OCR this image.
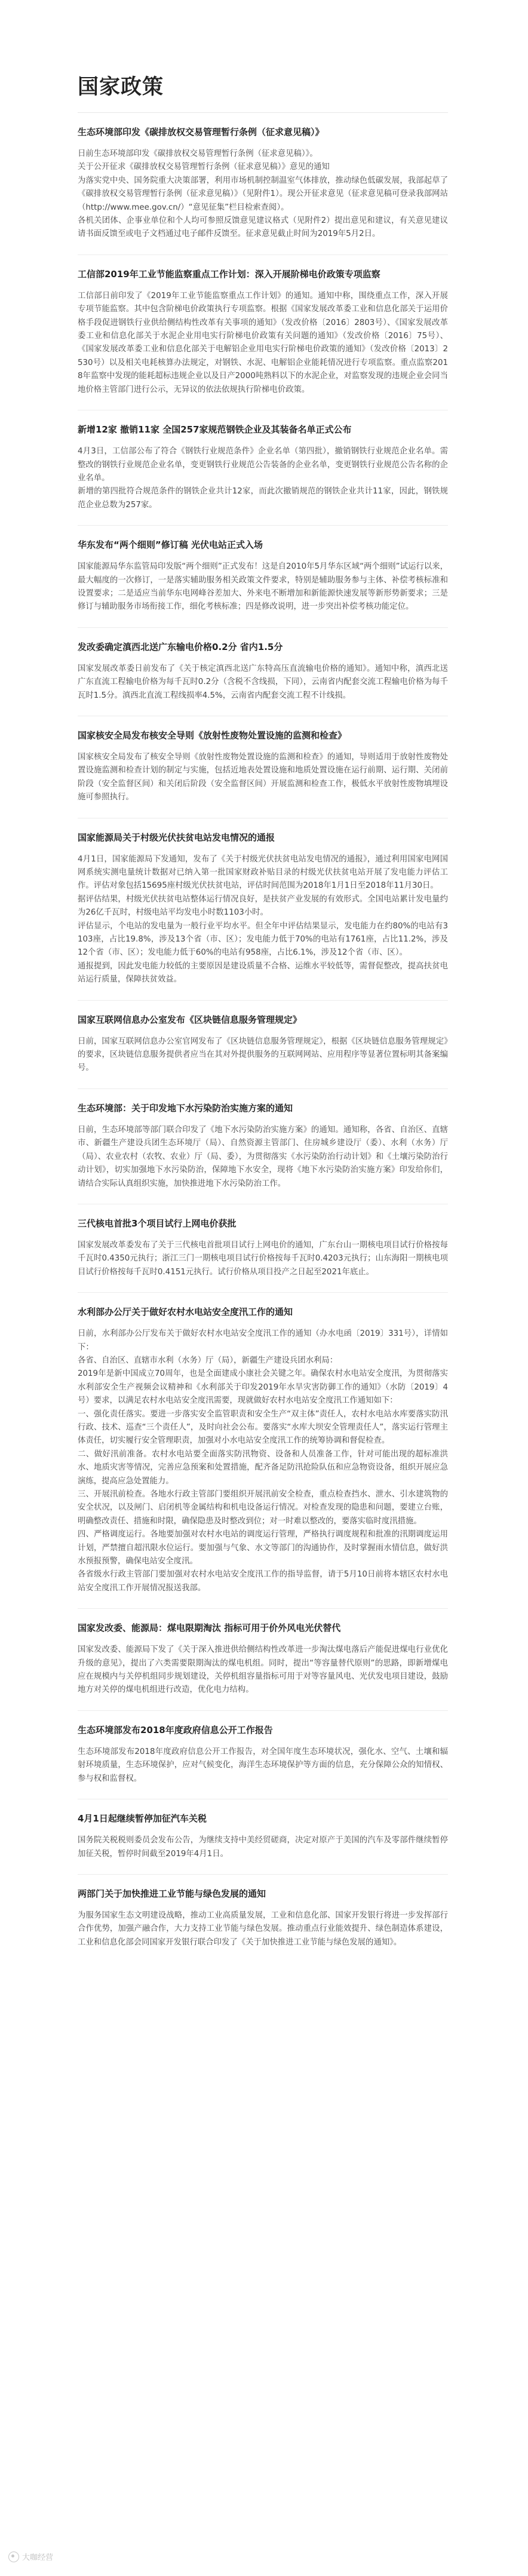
国家政策
生态环境部印发《碳排放权交易管理暂行条例（征求意见稿）》

日前生态环境部印发《碳排放权交易管理暂行条例（征求意见稿）》。

关于公开征求《碳排放权交易管理暂行条例（征求意见稿）》意见的通知

为落实党中央、国务院重大决策部署，利用市场机制控制温室气体排放，推动绿色低碳发展，我部起草了《碳排放权交易管理暂行条例（征求意见稿）》（见附件1）。现公开征求意见（征求意见稿可登录我部网站（http://www.mee.gov.cn/）“意见征集”栏目检索查阅）。

各机关团体、企事业单位和个人均可参照反馈意见建议格式（见附件2）提出意见和建议，有关意见建议请书面反馈至或电子文档通过电子邮件反馈至。征求意见截止时间为2019年5月2日。

工信部2019年工业节能监察重点工作计划：深入开展阶梯电价政策专项监察

工信部日前印发了《2019年工业节能监察重点工作计划》的通知。通知中称，围绕重点工作，深入开展专项节能监察。其中包含阶梯电价政策执行专项监察。根据《国家发展改革委工业和信息化部关于运用价格手段促进钢铁行业供给侧结构性改革有关事项的通知》（发改价格〔2016〕2803号）、《国家发展改革委工业和信息化部关于水泥企业用电实行阶梯电价政策有关问题的通知》（发改价格〔2016〕75号）、《国家发展改革委工业和信息化部关于电解铝企业用电实行阶梯电价政策的通知》（发改价格〔2013〕2530号）以及相关电耗核算办法规定，对钢铁、水泥、电解铝企业能耗情况进行专项监察。重点监察2018年监察中发现的能耗超标违规企业以及日产2000吨熟料以下的水泥企业，对监察发现的违规企业会同当地价格主管部门进行公示，无异议的依法依规执行阶梯电价政策。

新增12家 撤销11家 全国257家规范钢铁企业及其装备名单正式公布

4月3日，工信部公布了符合《钢铁行业规范条件》企业名单（第四批），撤销钢铁行业规范企业名单。需整改的钢铁行业规范企业名单，变更钢铁行业规范公告装备的企业名单，变更钢铁行业规范公告名称的企业名单。

新增的第四批符合规范条件的钢铁企业共计12家，而此次撤销规范的钢铁企业共计11家，因此，钢铁规范企业总数为257家。

华东发布“两个细则”修订稿 光伏电站正式入场

国家能源局华东监管局印发版“两个细则”正式发布！这是自2010年5月华东区域“两个细则”试运行以来，最大幅度的一次修订，一是落实辅助服务相关政策文件要求，特别是辅助服务参与主体、补偿考核标准和设置要求；二是适应当前华东电网峰谷差加大、外来电不断增加和新能源快速发展等新形势新要求；三是修订与辅助服务市场衔接工作，细化考核标准；四是修改说明，进一步突出补偿考核功能定位。

发改委确定滇西北送广东输电价格0.2分 省内1.5分

国家发展改革委日前发布了《关于核定滇西北送广东特高压直流输电价格的通知》。通知中称，滇西北送广东直流工程输电价格为每千瓦时0.2分（含税不含线损，下同），云南省内配套交流工程输电价格为每千瓦时1.5分。滇西北直流工程线损率4.5%，云南省内配套交流工程不计线损。

国家核安全局发布核安全导则《放射性废物处置设施的监测和检查》

国家核安全局发布了核安全导则《放射性废物处置设施的监测和检查》的通知，导则适用于放射性废物处置设施监测和检查计划的制定与实施，包括近地表处置设施和地质处置设施在运行前期、运行期、关闭前阶段（安全监督区间）和关闭后阶段（安全监督区间）开展监测和检查工作，极低水平放射性废物填埋设施可参照执行。

国家能源局关于村级光伏扶贫电站发电情况的通报

4月1日，国家能源局下发通知，发布了《关于村级光伏扶贫电站发电情况的通报》，通过利用国家电网国网系统实测电量统计数据对已纳入第一批国家财政补贴目录的村级光伏扶贫电站开展了发电能力评估工作。评估对象包括15695座村级光伏扶贫电站，评估时间范围为2018年1月1日至2018年11月30日。

据评估结果，村级光伏扶贫电站整体运行情况良好，是扶贫产业发展的有效形式。全国电站累计发电量约为26亿千瓦时，村级电站平均发电小时数1103小时。

评估显示，个电站的发电量为一般行业平均水平。但全年中评估结果显示，发电能力在约80%的电站有3103座，占比19.8%，涉及13个省（市、区）；发电能力低于70%的电站有1761座，占比11.2%，涉及12个省（市、区）；发电能力低于60%的电站有958座，占比6.1%，涉及12个省（市、区）。

通报提到，因此发电能力较低的主要原因是建设质量不合格、运维水平较低等，需督促整改，提高扶贫电站运行质量，保障扶贫效益。

国家互联网信息办公室发布《区块链信息服务管理规定》

日前，国家互联网信息办公室官网发布了《区块链信息服务管理规定》，根据《区块链信息服务管理规定》的要求，区块链信息服务提供者应当在其对外提供服务的互联网网站、应用程序等显著位置标明其备案编号。

生态环境部：关于印发地下水污染防治实施方案的通知

日前，生态环境部等部门联合印发了《地下水污染防治实施方案》的通知。通知称，各省、自治区、直辖市、新疆生产建设兵团生态环境厅（局）、自然资源主管部门、住房城乡建设厅（委）、水利（水务）厅（局）、农业农村（农牧、农业）厅（局、委），为贯彻落实《水污染防治行动计划》和《土壤污染防治行动计划》，切实加强地下水污染防治，保障地下水安全，现将《地下水污染防治实施方案》印发给你们，请结合实际认真组织实施，加快推进地下水污染防治工作。

三代核电首批3个项目试行上网电价获批

国家发展改革委发布了关于三代核电首批项目试行上网电价的通知，广东台山一期核电项目试行价格按每千瓦时0.4350元执行；浙江三门一期核电项目试行价格按每千瓦时0.4203元执行；山东海阳一期核电项目试行价格按每千瓦时0.4151元执行。试行价格从项目投产之日起至2021年底止。

水利部办公厅关于做好农村水电站安全度汛工作的通知

日前，水利部办公厅发布关于做好农村水电站安全度汛工作的通知（办水电函〔2019〕331号），详情如下：

各省、自治区、直辖市水利（水务）厅（局），新疆生产建设兵团水利局：

2019年是新中国成立70周年，也是全面建成小康社会关键之年。确保农村水电站安全度汛，为贯彻落实水利部安全生产视频会议精神和《水利部关于印发2019年水旱灾害防御工作的通知》（水防〔2019〕4号）要求，以满足农村水电站安全度汛需要，现就做好农村水电站安全度汛工作通知如下：

一、强化责任落实。要进一步落实安全监管职责和安全生产“双主体”责任人，农村水电站水库要落实防汛行政、技术、巡查“三个责任人”，及时向社会公布。要落实“水库大坝安全管理责任人”，落实运行管理主体责任，切实履行安全管理职责，加强对小水电站安全度汛工作的统筹协调和督促检查。

二、做好汛前准备。农村水电站要全面落实防汛物资、设备和人员准备工作，针对可能出现的超标准洪水、地质灾害等情况，完善应急预案和处置措施，配齐备足防汛抢险队伍和应急物资设备，组织开展应急演练，提高应急处置能力。

三、开展汛前检查。各地水行政主管部门要组织开展汛前安全检查，重点检查挡水、泄水、引水建筑物的安全状况，以及闸门、启闭机等金属结构和机电设备运行情况。对检查发现的隐患和问题，要建立台账，明确整改责任、措施和时限，确保隐患及时整改到位；对一时难以整改的，要落实临时度汛措施。

四、严格调度运行。各地要加强对农村水电站的调度运行管理，严格执行调度规程和批准的汛期调度运用计划，严禁擅自超汛限水位运行。要加强与气象、水文等部门的沟通协作，及时掌握雨水情信息，做好洪水预报预警，确保电站安全度汛。

各省级水行政主管部门要加强对农村水电站安全度汛工作的指导监督，请于5月10日前将本辖区农村水电站安全度汛工作开展情况报送我部。

国家发改委、能源局：煤电限期淘汰 指标可用于价外风电光伏替代

国家发改委、能源局下发了《关于深入推进供给侧结构性改革进一步淘汰煤电落后产能促进煤电行业优化升级的意见》，提出了六类需要限期淘汰的煤电机组。同时，提出“等容量替代原则”的思路，即新增煤电应在规模内与关停机组同步规划建设，关停机组容量指标可用于对等容量风电、光伏发电项目建设，鼓励地方对关停的煤电机组进行改造，优化电力结构。

生态环境部发布2018年度政府信息公开工作报告

生态环境部发布2018年度政府信息公开工作报告，对全国年度生态环境状况，强化水、空气、土壤和辐射环境质量，生态环境保护，应对气候变化，海洋生态环境保护等方面的信息，充分保障公众的知情权、参与权和监督权。

4月1日起继续暂停加征汽车关税

国务院关税税则委员会发布公告，为继续支持中美经贸磋商，决定对原产于美国的汽车及零部件继续暂停加征关税，暂停时间截至2019年4月1日。

两部门关于加快推进工业节能与绿色发展的通知

为服务国家生态文明建设战略，推动工业高质量发展，工业和信息化部、国家开发银行将进一步发挥部行合作优势，加强产融合作，大力支持工业节能与绿色发展。推动重点行业能效提升、绿色制造体系建设，工业和信息化部会同国家开发银行联合印发了《关于加快推进工业节能与绿色发展的通知》。

大咖经营
